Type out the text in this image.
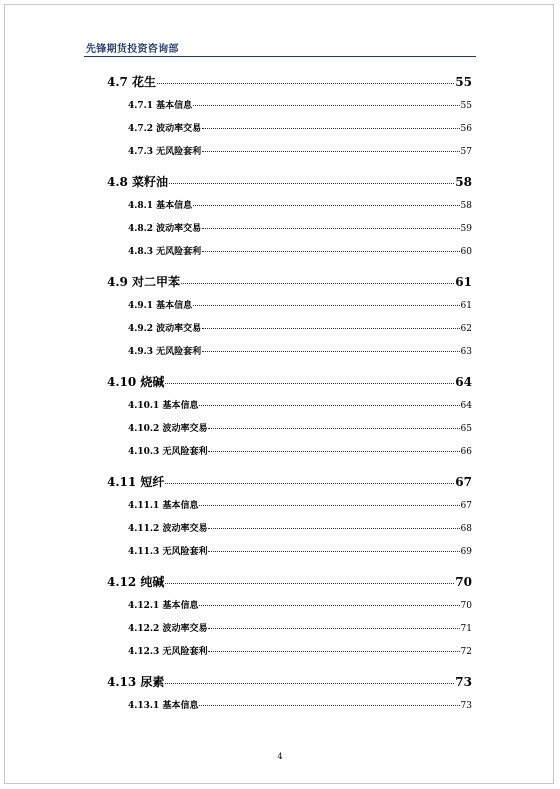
先锋期货投资咨询部
4.7 花生	55
4.7.1 基本信息	55
4.7.2 波动率交易	56
4.7.3 无风险套利	57
4.8 菜籽油	58
4.8.1 基本信息	58
4.8.2 波动率交易	59
4.8.3 无风险套利	60
4.9 对二甲苯	61
4.9.1 基本信息	61
4.9.2 波动率交易	62
4.9.3 无风险套利	63
4.10 烧碱	64
4.10.1 基本信息	64
4.10.2 波动率交易	65
4.10.3 无风险套利	66
4.11 短纤	67
4.11.1 基本信息	67
4.11.2 波动率交易	68
4.11.3 无风险套利	69
4.12 纯碱	70
4.12.1 基本信息	70
4.12.2 波动率交易	71
4.12.3 无风险套利	72
4.13 尿素	73
4.13.1 基本信息	73
4
